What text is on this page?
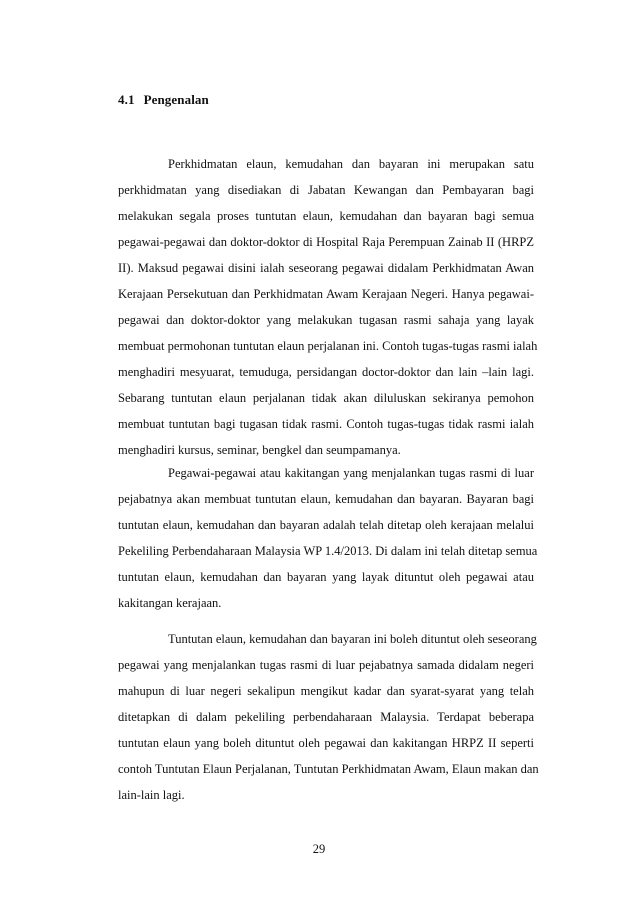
4.1 Pengenalan
Perkhidmatan elaun, kemudahan dan bayaran ini merupakan satu
perkhidmatan yang disediakan di Jabatan Kewangan dan Pembayaran bagi
melakukan segala proses tuntutan elaun, kemudahan dan bayaran bagi semua
pegawai-pegawai dan doktor-doktor di Hospital Raja Perempuan Zainab II (HRPZ
II). Maksud pegawai disini ialah seseorang pegawai didalam Perkhidmatan Awan
Kerajaan Persekutuan dan Perkhidmatan Awam Kerajaan Negeri. Hanya pegawai-
pegawai dan doktor-doktor yang melakukan tugasan rasmi sahaja yang layak
membuat permohonan tuntutan elaun perjalanan ini. Contoh tugas-tugas rasmi ialah
menghadiri mesyuarat, temuduga, persidangan doctor-doktor dan lain –lain lagi.
Sebarang tuntutan elaun perjalanan tidak akan diluluskan sekiranya pemohon
membuat tuntutan bagi tugasan tidak rasmi. Contoh tugas-tugas tidak rasmi ialah
menghadiri kursus, seminar, bengkel dan seumpamanya.
Pegawai-pegawai atau kakitangan yang menjalankan tugas rasmi di luar
pejabatnya akan membuat tuntutan elaun, kemudahan dan bayaran. Bayaran bagi
tuntutan elaun, kemudahan dan bayaran adalah telah ditetap oleh kerajaan melalui
Pekeliling Perbendaharaan Malaysia WP 1.4/2013. Di dalam ini telah ditetap semua
tuntutan elaun, kemudahan dan bayaran yang layak dituntut oleh pegawai atau
kakitangan kerajaan.
Tuntutan elaun, kemudahan dan bayaran ini boleh dituntut oleh seseorang
pegawai yang menjalankan tugas rasmi di luar pejabatnya samada didalam negeri
mahupun di luar negeri sekalipun mengikut kadar dan syarat-syarat yang telah
ditetapkan di dalam pekeliling perbendaharaan Malaysia. Terdapat beberapa
tuntutan elaun yang boleh dituntut oleh pegawai dan kakitangan HRPZ II seperti
contoh Tuntutan Elaun Perjalanan, Tuntutan Perkhidmatan Awam, Elaun makan dan
lain-lain lagi.
29
